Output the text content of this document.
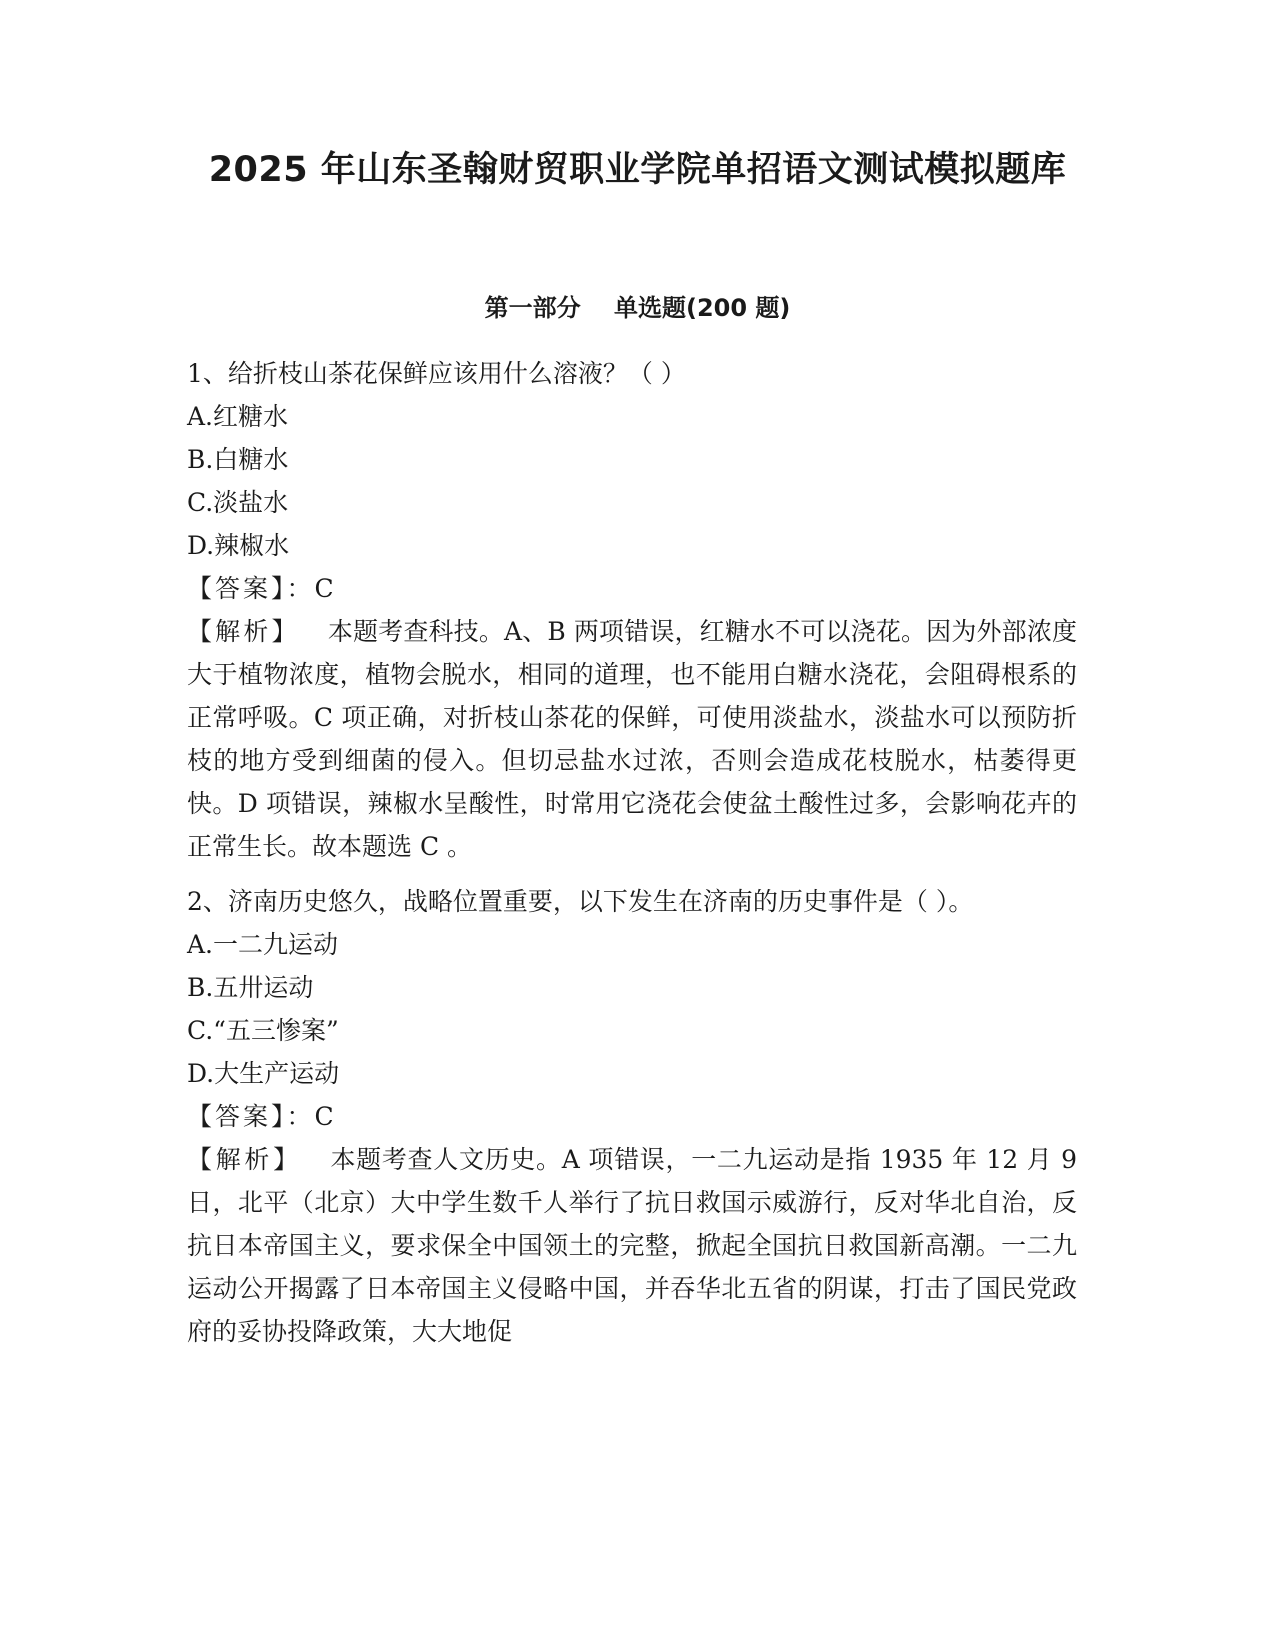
2025 年山东圣翰财贸职业学院单招语文测试模拟题库
第一部分    单选题(200 题)
1、给折枝山茶花保鲜应该用什么溶液？（ ）
A.红糖水
B.白糖水
C.淡盐水
D.辣椒水
【答案】：C
【解析】 本题考查科技。A、B 两项错误，红糖水不可以浇花。因为外部浓度大于植物浓度，植物会脱水，相同的道理，也不能用白糖水浇花，会阻碍根系的正常呼吸。C 项正确，对折枝山茶花的保鲜，可使用淡盐水，淡盐水可以预防折枝的地方受到细菌的侵入。但切忌盐水过浓，否则会造成花枝脱水，枯萎得更快。D 项错误，辣椒水呈酸性，时常用它浇花会使盆土酸性过多，会影响花卉的正常生长。故本题选 C 。
2、济南历史悠久，战略位置重要，以下发生在济南的历史事件是（ ）。
A.一二九运动
B.五卅运动
C.“五三惨案”
D.大生产运动
【答案】：C
【解析】 本题考查人文历史。A 项错误，一二九运动是指 1935 年 12 月 9 日，北平（北京）大中学生数千人举行了抗日救国示威游行，反对华北自治，反抗日本帝国主义，要求保全中国领土的完整，掀起全国抗日救国新高潮。一二九运动公开揭露了日本帝国主义侵略中国，并吞华北五省的阴谋，打击了国民党政府的妥协投降政策，大大地促
